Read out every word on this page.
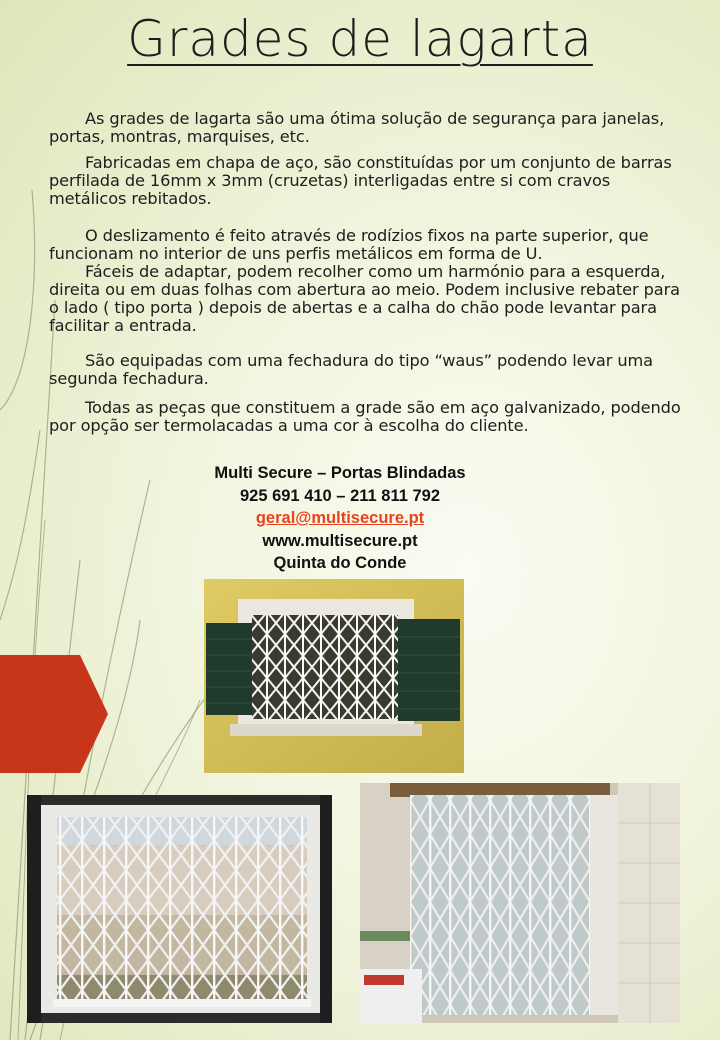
Grades de lagarta

As grades de lagarta são uma ótima solução de segurança para janelas, portas, montras, marquises, etc.

Fabricadas em chapa de aço, são constituídas por um conjunto de barras perfilada de 16mm x 3mm (cruzetas) interligadas entre si com cravos metálicos rebitados.

O deslizamento é feito através de rodízios fixos na parte superior, que funcionam no interior de uns perfis metálicos em forma de U.

Fáceis de adaptar, podem recolher como um harmónio para a esquerda, direita ou em duas folhas com abertura ao meio. Podem inclusive rebater para o lado ( tipo porta ) depois de abertas e a calha do chão pode levantar para facilitar a entrada.

São equipadas com uma fechadura do tipo “waus” podendo levar uma segunda fechadura.

Todas as peças que constituem a grade são em aço galvanizado, podendo por opção ser termolacadas a uma cor à escolha do cliente.

Multi Secure – Portas Blindadas
925 691 410 – 211 811 792
geral@multisecure.pt
www.multisecure.pt
Quinta do Conde
